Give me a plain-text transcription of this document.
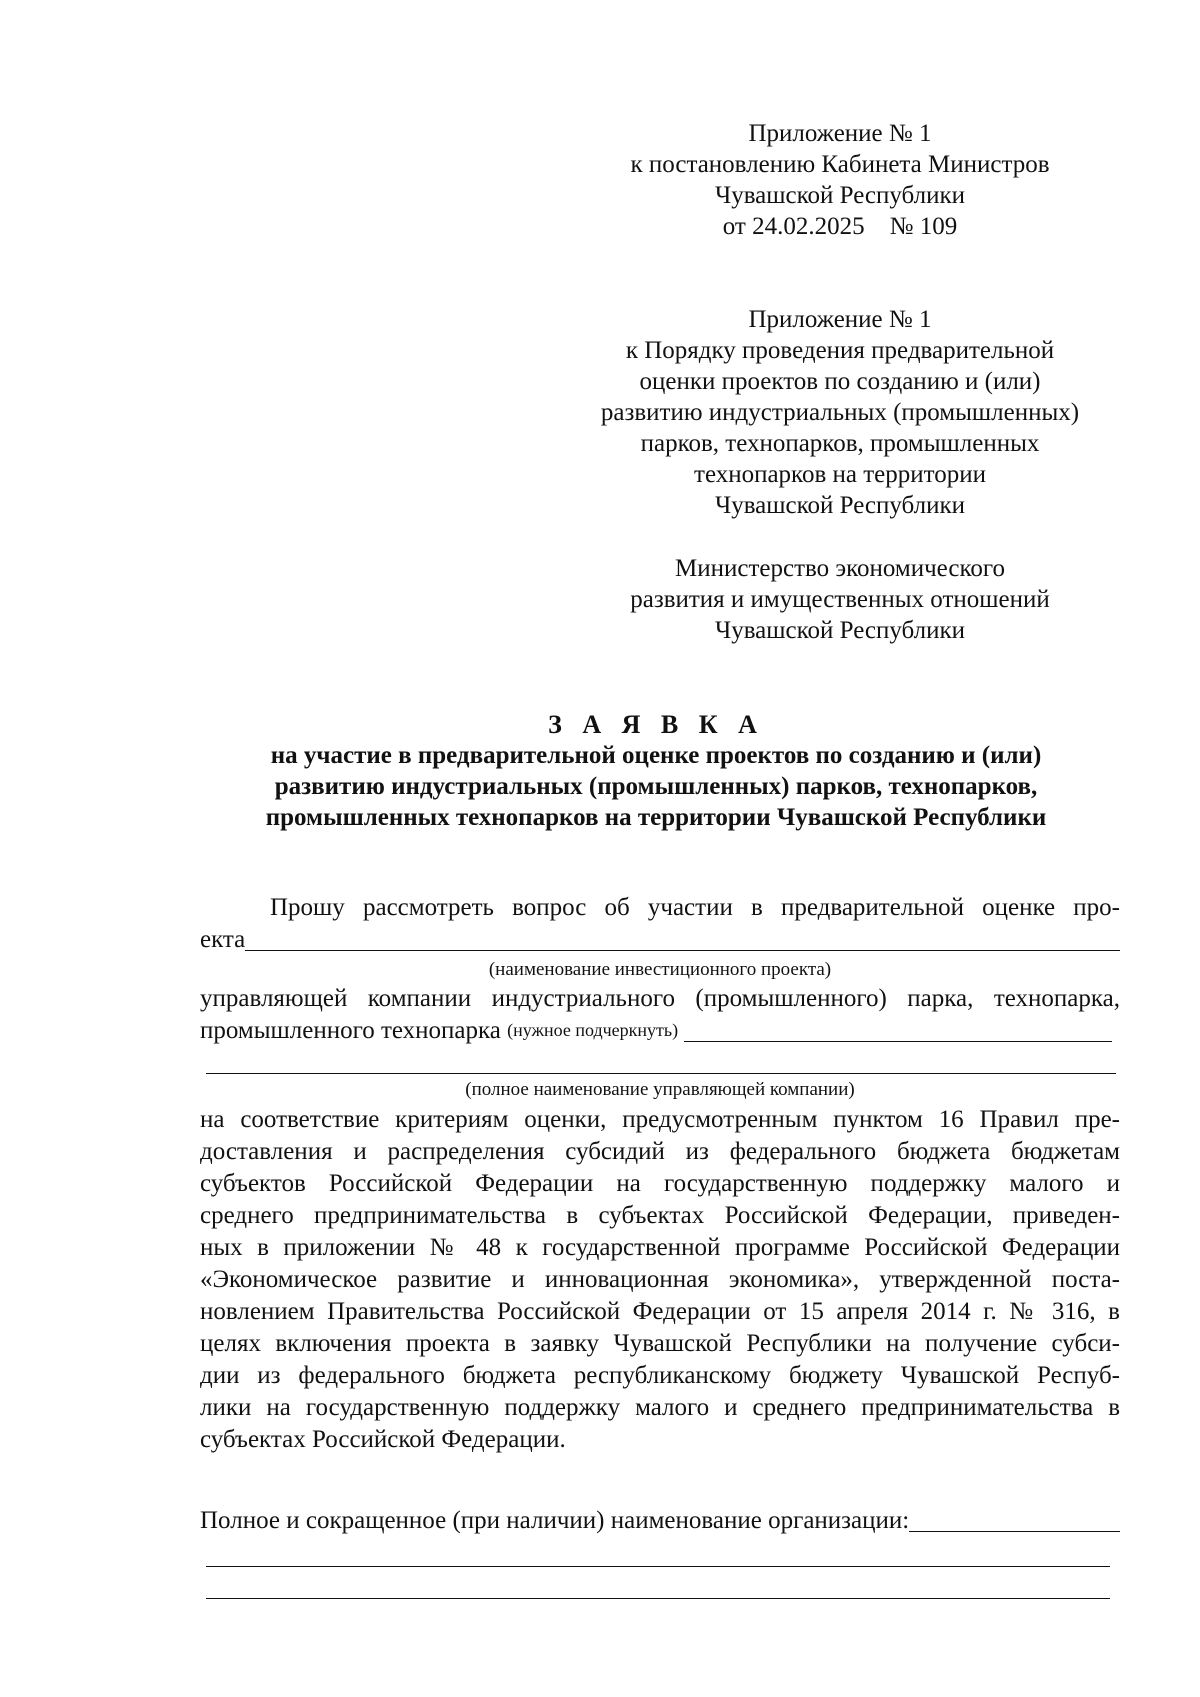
Приложение № 1
к постановлению Кабинета Министров
Чувашской Республики
от 24.02.2025    № 109
Приложение № 1
к Порядку проведения предварительной
оценки проектов по созданию и (или)
развитию индустриальных (промышленных)
парков, технопарков, промышленных
технопарков на территории
Чувашской Республики
Министерство экономического
развития и имущественных отношений
Чувашской Республики
З А Я В К А
на участие в предварительной оценке проектов по созданию и (или)
развитию индустриальных (промышленных) парков, технопарков,
промышленных технопарков на территории Чувашской Республики
Прошу рассмотреть вопрос об участии в предварительной оценке про-
екта
(наименование инвестиционного проекта)
управляющей компании индустриального (промышленного) парка, технопарка,
промышленного технопарка
(нужное подчеркнуть)

(полное наименование управляющей компании)
на соответствие критериям оценки, предусмотренным пунктом 16 Правил пре-
доставления и распределения субсидий из федерального бюджета бюджетам
субъектов Российской Федерации на государственную поддержку малого и
среднего предпринимательства в субъектах Российской Федерации, приведен-
ных в приложении № 48 к государственной программе Российской Федерации
«Экономическое развитие и инновационная экономика», утвержденной поста-
новлением Правительства Российской Федерации от 15 апреля 2014 г. № 316, в
целях включения проекта в заявку Чувашской Республики на получение субси-
дии из федерального бюджета республиканскому бюджету Чувашской Респуб-
лики на государственную поддержку малого и среднего предпринимательства в
субъектах Российской Федерации.
Полное и сокращенное (при наличии) наименование организации:
